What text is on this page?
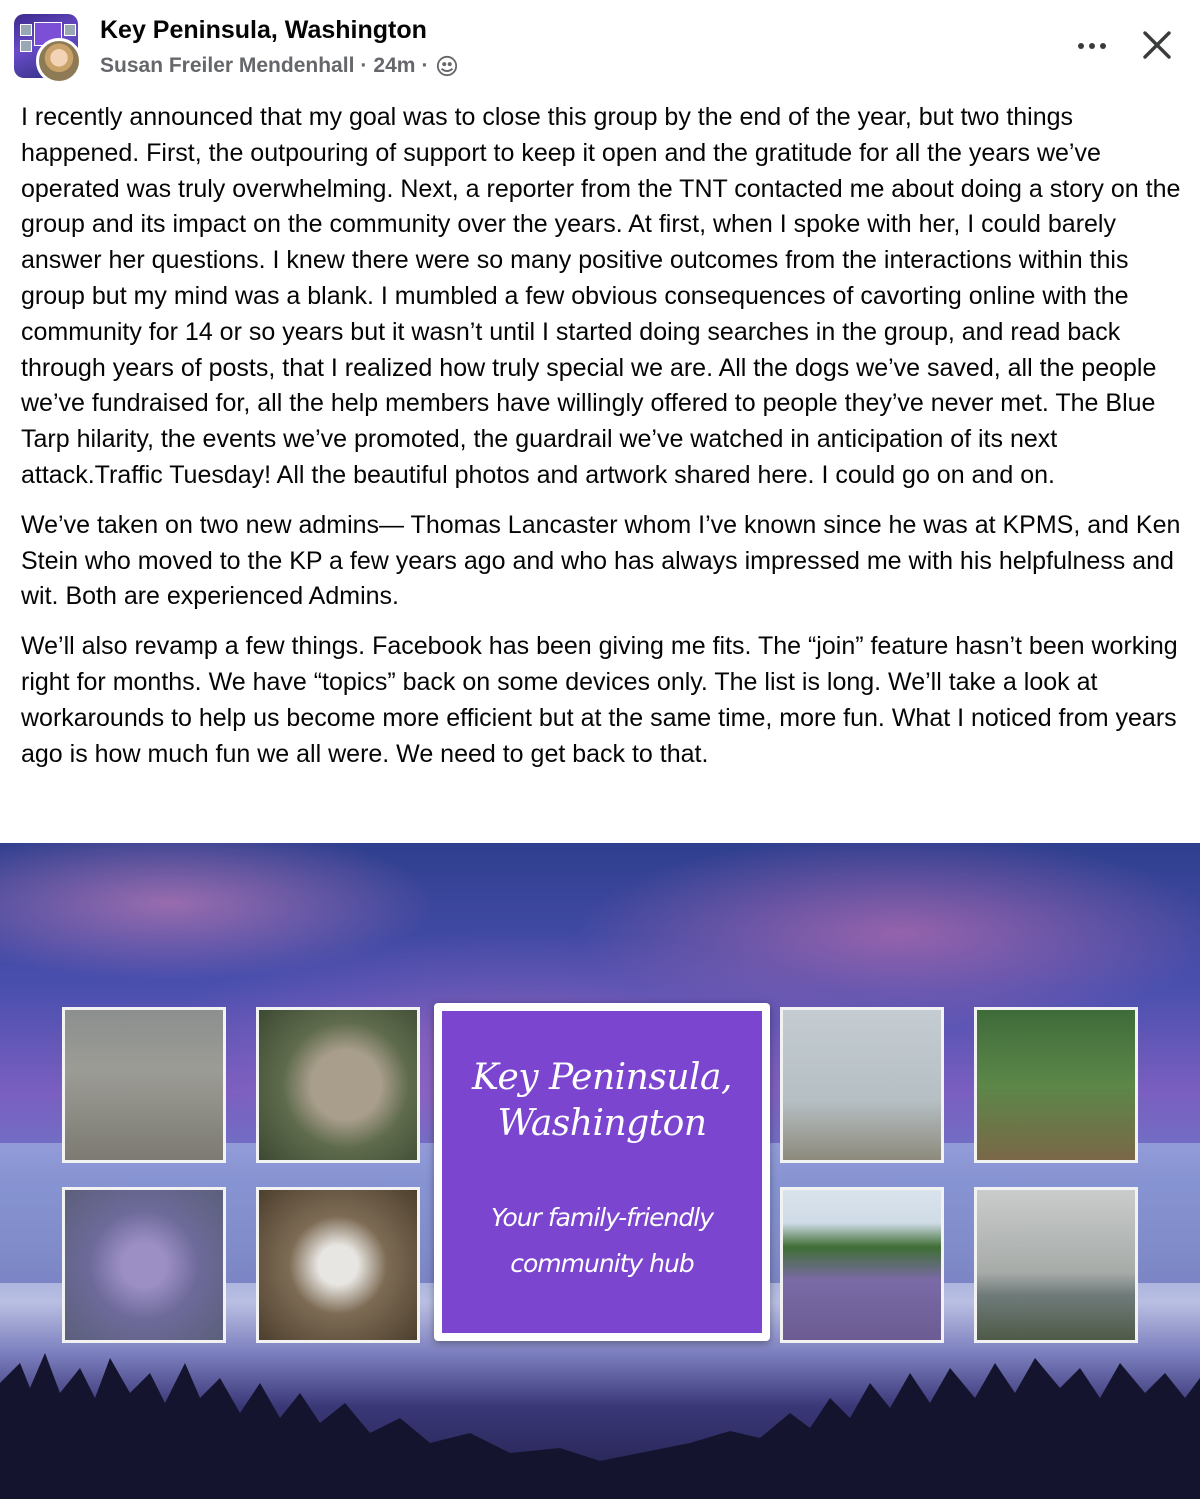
Key Peninsula, Washington
Susan Freiler Mendenhall · 24m ·

I recently announced that my goal was to close this group by the end of the year, but two things happened. First, the outpouring of support to keep it open and the gratitude for all the years we’ve operated was truly overwhelming. Next, a reporter from the TNT contacted me about doing a story on the group and its impact on the community over the years. At first, when I spoke with her, I could barely answer her questions. I knew there were so many positive outcomes from the interactions within this group but my mind was a blank. I mumbled a few obvious consequences of cavorting online with the community for 14 or so years but it wasn’t until I started doing searches in the group, and read back through years of posts, that I realized how truly special we are. All the dogs we’ve saved, all the people we’ve fundraised for, all the help members have willingly offered to people they’ve never met. The Blue Tarp hilarity, the events we’ve promoted, the guardrail we’ve watched in anticipation of its next attack.Traffic Tuesday! All the beautiful photos and artwork shared here. I could go on and on.

We’ve taken on two new admins— Thomas Lancaster whom I’ve known since he was at KPMS, and Ken Stein who moved to the KP a few years ago and who has always impressed me with his helpfulness and wit. Both are experienced Admins.

We’ll also revamp a few things. Facebook has been giving me fits. The “join” feature hasn’t been working right for months. We have “topics” back on some devices only. The list is long. We’ll take a look at workarounds to help us become more efficient but at the same time, more fun. What I noticed from years ago is how much fun we all were. We need to get back to that.

Key Peninsula,
Washington
Your family-friendly
community hub
